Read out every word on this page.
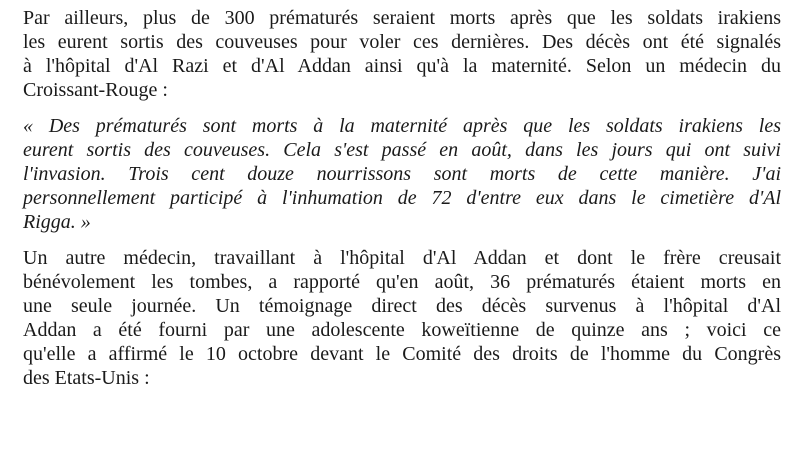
Par ailleurs, plus de 300 prématurés seraient morts après que les soldats irakiens
les eurent sortis des couveuses pour voler ces dernières. Des décès ont été signalés
à l'hôpital d'Al Razi et d'Al Addan ainsi qu'à la maternité. Selon un médecin du
Croissant-Rouge :

« Des prématurés sont morts à la maternité après que les soldats irakiens les
eurent sortis des couveuses. Cela s'est passé en août, dans les jours qui ont suivi
l'invasion. Trois cent douze nourrissons sont morts de cette manière. J'ai
personnellement participé à l'inhumation de 72 d'entre eux dans le cimetière d'Al
Rigga. »

Un autre médecin, travaillant à l'hôpital d'Al Addan et dont le frère creusait
bénévolement les tombes, a rapporté qu'en août, 36 prématurés étaient morts en
une seule journée. Un témoignage direct des décès survenus à l'hôpital d'Al
Addan a été fourni par une adolescente koweïtienne de quinze ans ; voici ce
qu'elle a affirmé le 10 octobre devant le Comité des droits de l'homme du Congrès
des Etats-Unis :
